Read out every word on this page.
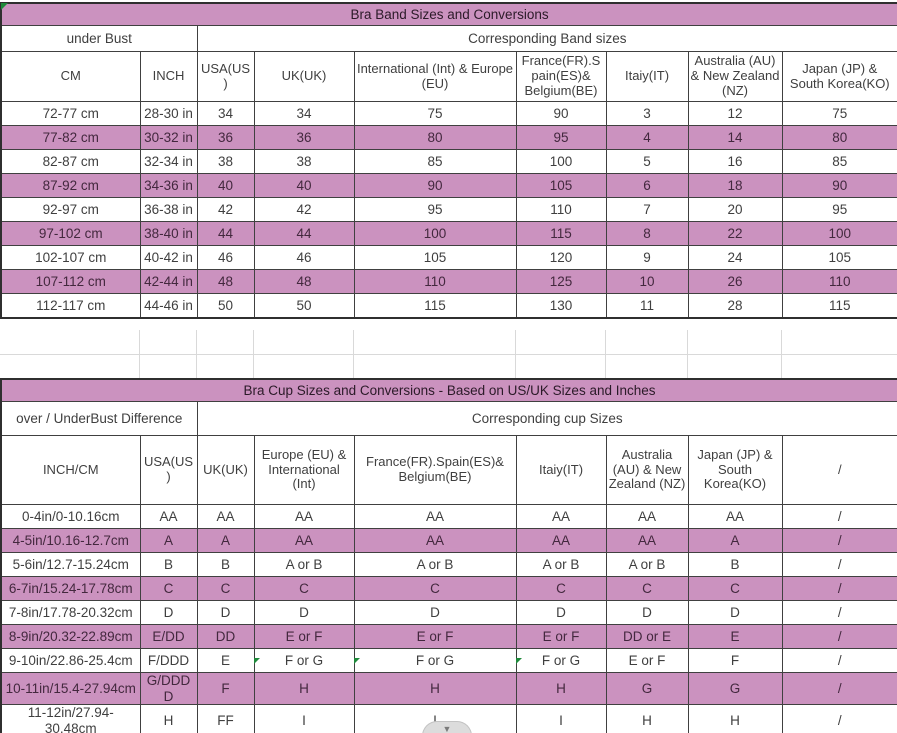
Bra Band Sizes and Conversions								
under Bust		Corresponding Band sizes						
CM	INCH	USA(US)	UK(UK)	International (Int) & Europe (EU)	France(FR).Spain(ES)& Belgium(BE)	Itaiy(IT)	Australia (AU) & New Zealand (NZ)	Japan (JP) & South Korea(KO)
72-77 cm	28-30 in	34	34	75	90	3	12	75
77-82 cm	30-32 in	36	36	80	95	4	14	80
82-87 cm	32-34 in	38	38	85	100	5	16	85
87-92 cm	34-36 in	40	40	90	105	6	18	90
92-97 cm	36-38 in	42	42	95	110	7	20	95
97-102 cm	38-40 in	44	44	100	115	8	22	100
102-107 cm	40-42 in	46	46	105	120	9	24	105
107-112 cm	42-44 in	48	48	110	125	10	26	110
112-117 cm	44-46 in	50	50	115	130	11	28	115

Bra Cup Sizes and Conversions - Based on US/UK Sizes and Inches								
over / UnderBust Difference		Corresponding cup Sizes						
INCH/CM	USA(US)	UK(UK)	Europe (EU) & International (Int)	France(FR).Spain(ES)& Belgium(BE)	Itaiy(IT)	Australia (AU) & New Zealand (NZ)	Japan (JP) & South Korea(KO)	/
0-4in/0-10.16cm	AA	AA	AA	AA	AA	AA	AA	/
4-5in/10.16-12.7cm	A	A	AA	AA	AA	AA	A	/
5-6in/12.7-15.24cm	B	B	A or B	A or B	A or B	A or B	B	/
6-7in/15.24-17.78cm	C	C	C	C	C	C	C	/
7-8in/17.78-20.32cm	D	D	D	D	D	D	D	/
8-9in/20.32-22.89cm	E/DD	DD	E or F	E or F	E or F	DD or E	E	/
9-10in/22.86-25.4cm	F/DDD	E	F or G	F or G	F or G	E or F	F	/
10-11in/15.4-27.94cm	G/DDDD	F	H	H	H	G	G	/
11-12in/27.94-30.48cm	H	FF	I		I	H	H	/
▼
